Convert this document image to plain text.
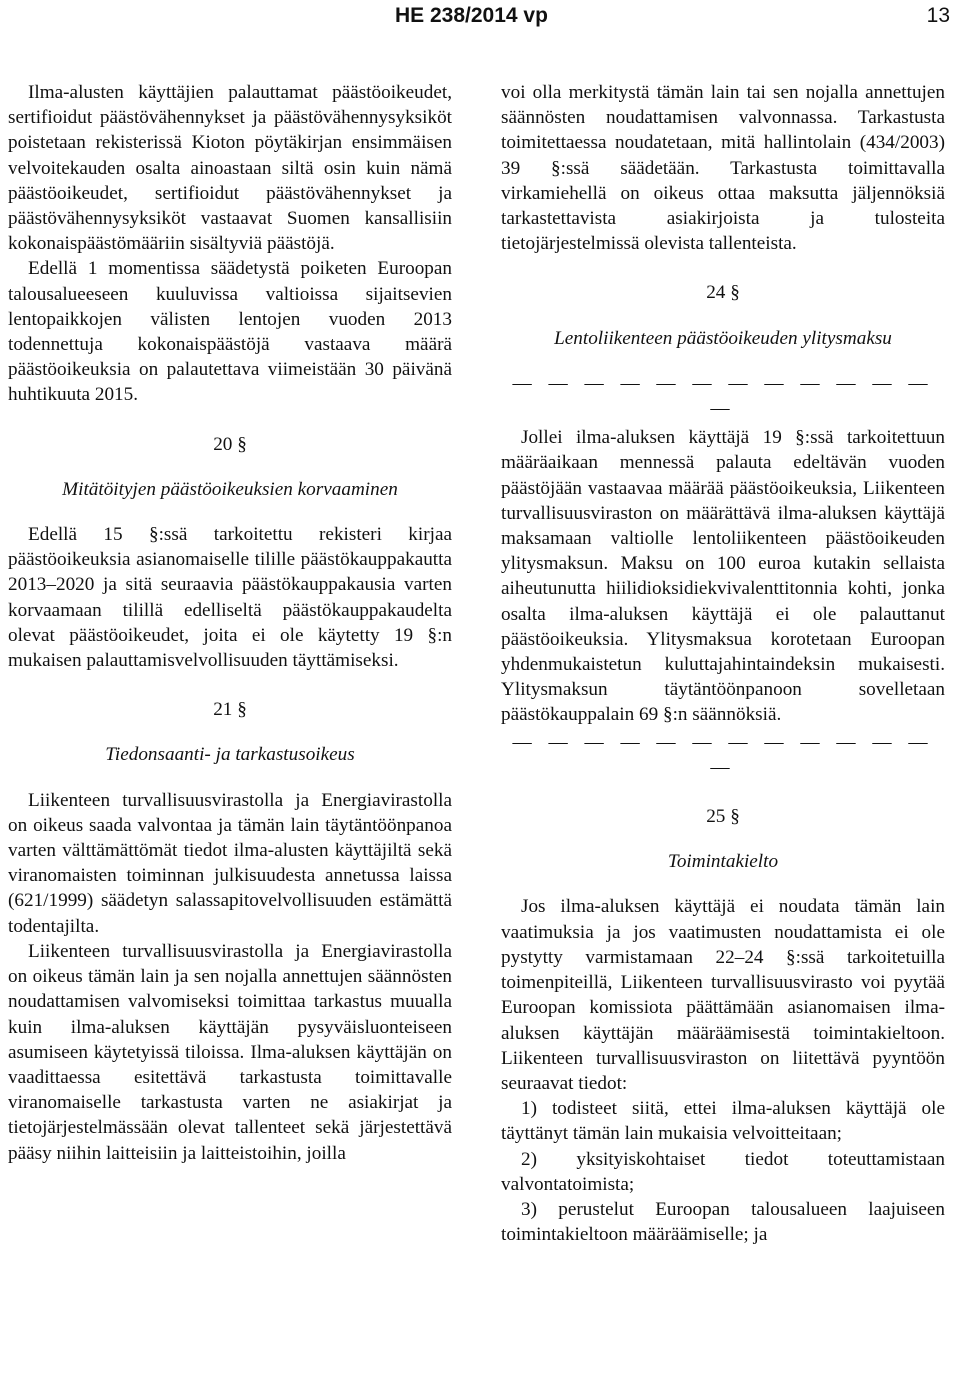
HE 238/2014 vp	13

Ilma-alusten käyttäjien palauttamat päästöoikeudet, sertifioidut päästövähennykset ja päästövähennysyksiköt poistetaan rekisterissä Kioton pöytäkirjan ensimmäisen velvoitekauden osalta ainoastaan siltä osin kuin nämä päästöoikeudet, sertifioidut päästövähennykset ja päästövähennysyksiköt vastaavat Suomen kansallisiin kokonaispäästömääriin sisältyviä päästöjä.

Edellä 1 momentissa säädetystä poiketen Euroopan talousalueeseen kuuluvissa valtioissa sijaitsevien lentopaikkojen välisten lentojen vuoden 2013 todennettuja kokonaispäästöjä vastaava määrä päästöoikeuksia on palautettava viimeistään 30 päivänä huhtikuuta 2015.

20 §
Mitätöityjen päästöoikeuksien korvaaminen

Edellä 15 §:ssä tarkoitettu rekisteri kirjaa päästöoikeuksia asianomaiselle tilille päästökauppakautta 2013–2020 ja sitä seuraavia päästökauppakausia varten korvaamaan tilillä edelliseltä päästökauppakaudelta olevat päästöoikeudet, joita ei ole käytetty 19 §:n mukaisen palauttamisvelvollisuuden täyttämiseksi.

21 §
Tiedonsaanti- ja tarkastusoikeus

Liikenteen turvallisuusvirastolla ja Energiavirastolla on oikeus saada valvontaa ja tämän lain täytäntöönpanoa varten välttämättömät tiedot ilma-alusten käyttäjiltä sekä viranomaisten toiminnan julkisuudesta annetussa laissa (621/1999) säädetyn salassapitovelvollisuuden estämättä todentajilta.

Liikenteen turvallisuusvirastolla ja Energiavirastolla on oikeus tämän lain ja sen nojalla annettujen säännösten noudattamisen valvomiseksi toimittaa tarkastus muualla kuin ilma-aluksen käyttäjän pysyväisluonteiseen asumiseen käytetyissä tiloissa. Ilma-aluksen käyttäjän on vaadittaessa esitettävä tarkastusta toimittavalle viranomaiselle tarkastusta varten ne asiakirjat ja tietojärjestelmässään olevat tallenteet sekä järjestettävä pääsy niihin laitteisiin ja laitteistoihin, joilla

voi olla merkitystä tämän lain tai sen nojalla annettujen säännösten noudattamisen valvonnassa. Tarkastusta toimitettaessa noudatetaan, mitä hallintolain (434/2003) 39 §:ssä säädetään. Tarkastusta toimittavalla virkamiehellä on oikeus ottaa maksutta jäljennöksiä tarkastettavista asiakirjoista ja tulosteita tietojärjestelmissä olevista tallenteista.

24 §
Lentoliikenteen päästöoikeuden ylitysmaksu
— — — — — — — — — — — — —

Jollei ilma-aluksen käyttäjä 19 §:ssä tarkoitettuun määräaikaan mennessä palauta edeltävän vuoden päästöjään vastaavaa määrää päästöoikeuksia, Liikenteen turvallisuusviraston on määrättävä ilma-aluksen käyttäjä maksamaan valtiolle lentoliikenteen päästöoikeuden ylitysmaksun. Maksu on 100 euroa kutakin sellaista aiheutunutta hiilidioksidiekvivalenttitonnia kohti, jonka osalta ilma-aluksen käyttäjä ei ole palauttanut päästöoikeuksia. Ylitysmaksua korotetaan Euroopan yhdenmukaistetun kuluttajahintaindeksin mukaisesti. Ylitysmaksun täytäntöönpanoon sovelletaan päästökauppalain 69 §:n säännöksiä.

— — — — — — — — — — — — —
25 §
Toimintakielto

Jos ilma-aluksen käyttäjä ei noudata tämän lain vaatimuksia ja jos vaatimusten noudattamista ei ole pystytty varmistamaan 22–24 §:ssä tarkoitetuilla toimenpiteillä, Liikenteen turvallisuusvirasto voi pyytää Euroopan komissiota päättämään asianomaisen ilma-aluksen käyttäjän määräämisestä toimintakieltoon. Liikenteen turvallisuusviraston on liitettävä pyyntöön seuraavat tiedot:

1) todisteet siitä, ettei ilma-aluksen käyttäjä ole täyttänyt tämän lain mukaisia velvoitteitaan;

2) yksityiskohtaiset tiedot toteuttamistaan valvontatoimista;

3) perustelut Euroopan talousalueen laajuiseen toimintakieltoon määräämiselle; ja
